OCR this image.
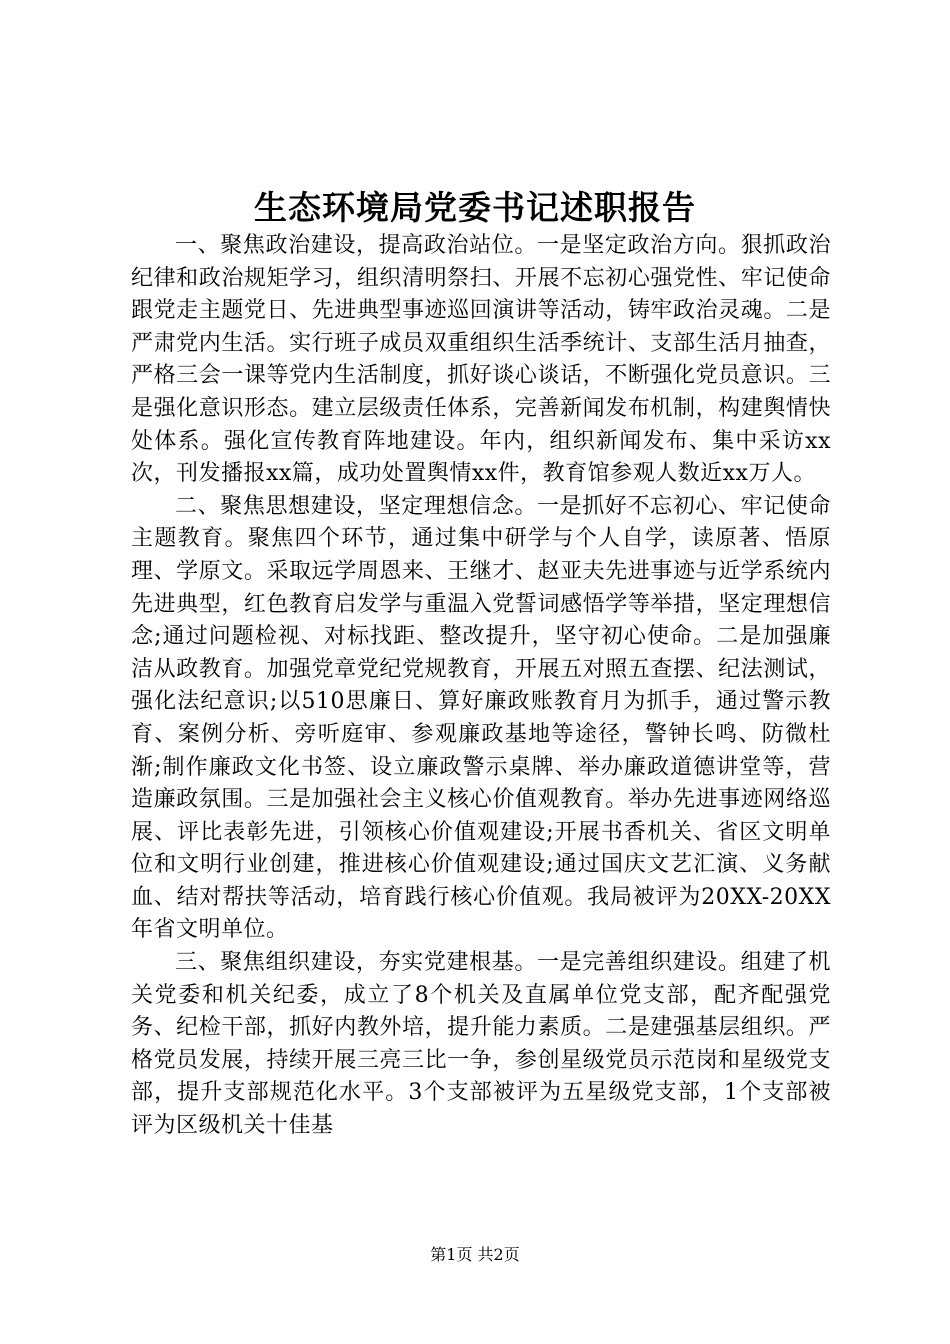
生态环境局党委书记述职报告

一、聚焦政治建设，提高政治站位。一是坚定政治方向。狠抓政治纪律和政治规矩学习，组织清明祭扫、开展不忘初心强党性、牢记使命跟党走主题党日、先进典型事迹巡回演讲等活动，铸牢政治灵魂。二是严肃党内生活。实行班子成员双重组织生活季统计、支部生活月抽查，严格三会一课等党内生活制度，抓好谈心谈话，不断强化党员意识。三是强化意识形态。建立层级责任体系，完善新闻发布机制，构建舆情快处体系。强化宣传教育阵地建设。年内，组织新闻发布、集中采访xx次，刊发播报xx篇，成功处置舆情xx件，教育馆参观人数近xx万人。

二、聚焦思想建设，坚定理想信念。一是抓好不忘初心、牢记使命主题教育。聚焦四个环节，通过集中研学与个人自学，读原著、悟原理、学原文。采取远学周恩来、王继才、赵亚夫先进事迹与近学系统内先进典型，红色教育启发学与重温入党誓词感悟学等举措，坚定理想信念;通过问题检视、对标找距、整改提升，坚守初心使命。二是加强廉洁从政教育。加强党章党纪党规教育，开展五对照五查摆、纪法测试，强化法纪意识;以510思廉日、算好廉政账教育月为抓手，通过警示教育、案例分析、旁听庭审、参观廉政基地等途径，警钟长鸣、防微杜渐;制作廉政文化书签、设立廉政警示桌牌、举办廉政道德讲堂等，营造廉政氛围。三是加强社会主义核心价值观教育。举办先进事迹网络巡展、评比表彰先进，引领核心价值观建设;开展书香机关、省区文明单位和文明行业创建，推进核心价值观建设;通过国庆文艺汇演、义务献血、结对帮扶等活动，培育践行核心价值观。我局被评为20XX-20XX年省文明单位。

三、聚焦组织建设，夯实党建根基。一是完善组织建设。组建了机关党委和机关纪委，成立了8个机关及直属单位党支部，配齐配强党务、纪检干部，抓好内教外培，提升能力素质。二是建强基层组织。严格党员发展，持续开展三亮三比一争，参创星级党员示范岗和星级党支部，提升支部规范化水平。3个支部被评为五星级党支部，1个支部被评为区级机关十佳基

第1页 共2页
